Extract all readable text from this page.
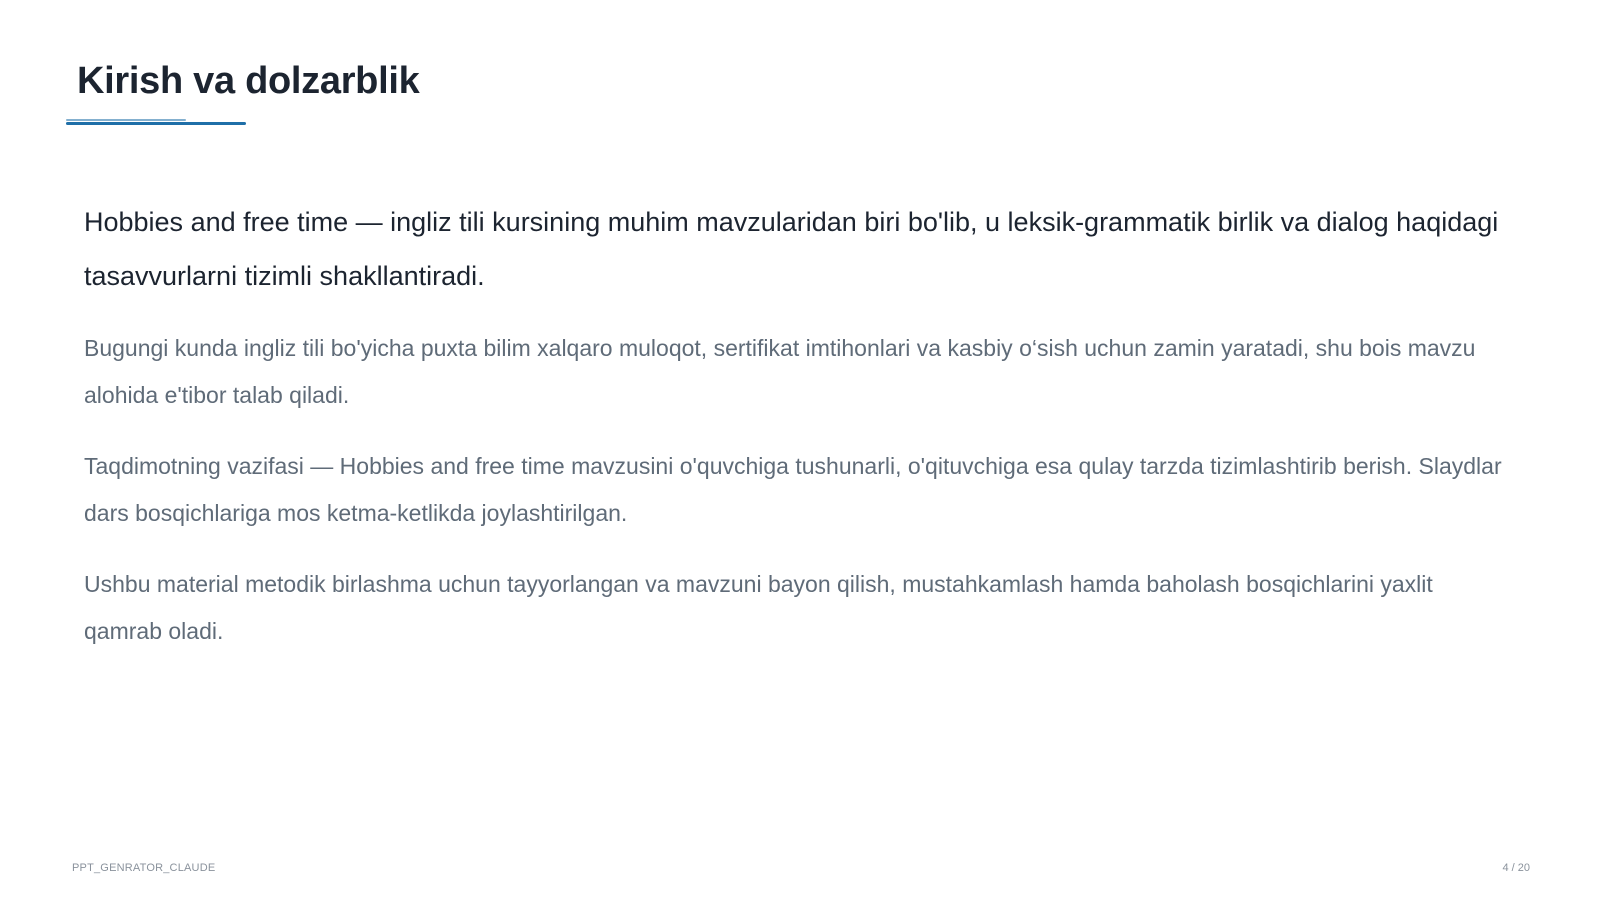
Kirish va dolzarblik

Hobbies and free time — ingliz tili kursining muhim mavzularidan biri bo'lib, u leksik-grammatik birlik va dialog haqidagi tasavvurlarni tizimli shakllantiradi.

Bugungi kunda ingliz tili bo'yicha puxta bilim xalqaro muloqot, sertifikat imtihonlari va kasbiy o‘sish uchun zamin yaratadi, shu bois mavzu alohida e'tibor talab qiladi.

Taqdimotning vazifasi — Hobbies and free time mavzusini o'quvchiga tushunarli, o'qituvchiga esa qulay tarzda tizimlashtirib berish. Slaydlar dars bosqichlariga mos ketma-ketlikda joylashtirilgan.

Ushbu material metodik birlashma uchun tayyorlangan va mavzuni bayon qilish, mustahkamlash hamda baholash bosqichlarini yaxlit qamrab oladi.

PPT_GENRATOR_CLAUDE	4 / 20
